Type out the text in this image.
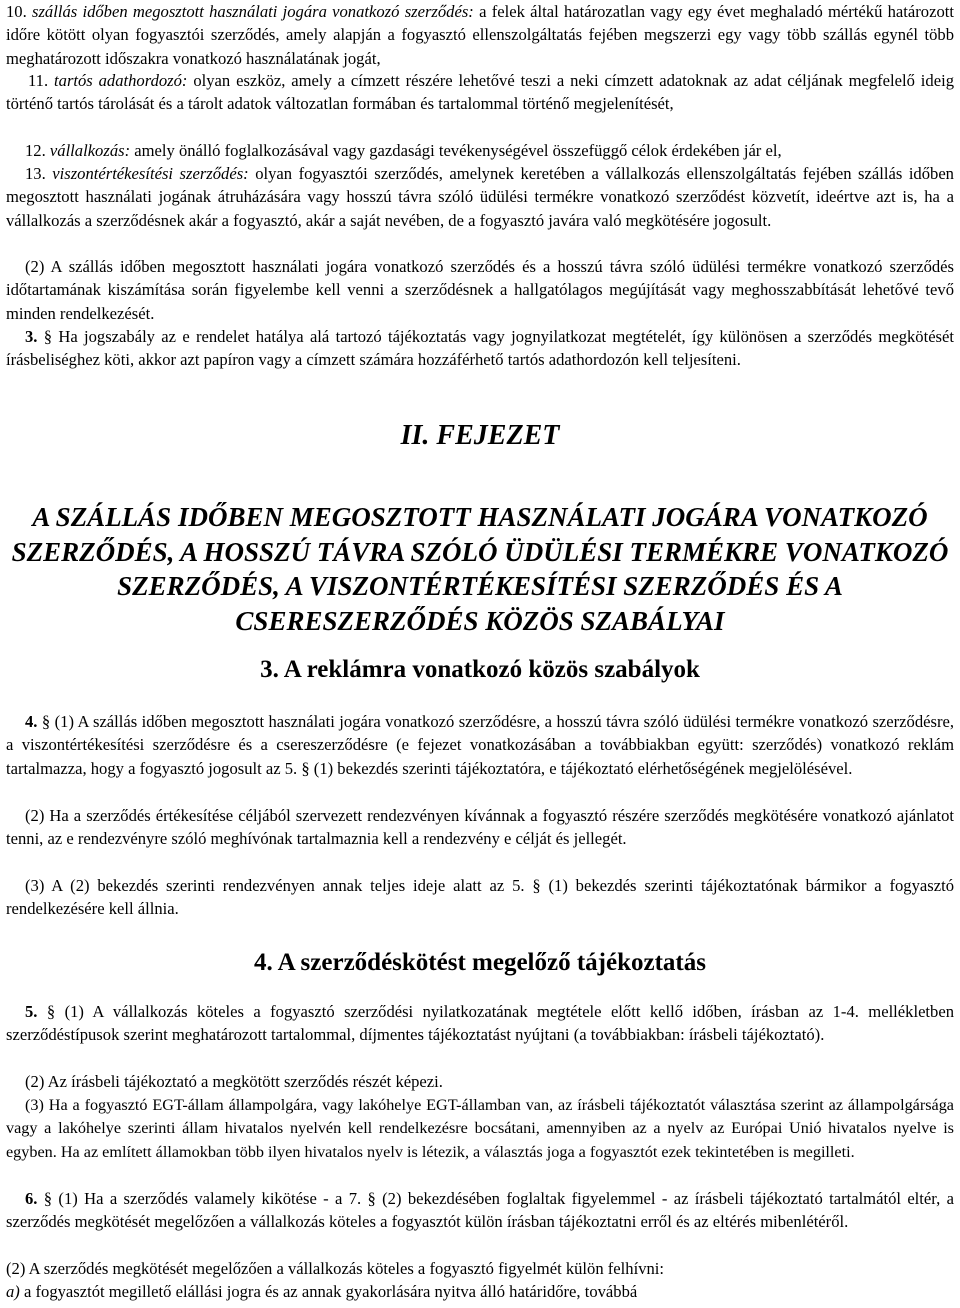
10. szállás időben megosztott használati jogára vonatkozó szerződés: a felek által határozatlan vagy egy évet meghaladó mértékű határozott időre kötött olyan fogyasztói szerződés, amely alapján a fogyasztó ellenszolgáltatás fejében megszerzi egy vagy több szállás egynél több meghatározott időszakra vonatkozó használatának jogát,

11. tartós adathordozó: olyan eszköz, amely a címzett részére lehetővé teszi a neki címzett adatoknak az adat céljának megfelelő ideig történő tartós tárolását és a tárolt adatok változatlan formában és tartalommal történő megjelenítését,

12. vállalkozás: amely önálló foglalkozásával vagy gazdasági tevékenységével összefüggő célok érdekében jár el,

13. viszontértékesítési szerződés: olyan fogyasztói szerződés, amelynek keretében a vállalkozás ellenszolgáltatás fejében szállás időben megosztott használati jogának átruházására vagy hosszú távra szóló üdülési termékre vonatkozó szerződést közvetít, ideértve azt is, ha a vállalkozás a szerződésnek akár a fogyasztó, akár a saját nevében, de a fogyasztó javára való megkötésére jogosult.

(2) A szállás időben megosztott használati jogára vonatkozó szerződés és a hosszú távra szóló üdülési termékre vonatkozó szerződés időtartamának kiszámítása során figyelembe kell venni a szerződésnek a hallgatólagos megújítását vagy meghosszabbítását lehetővé tevő minden rendelkezését.

3. § Ha jogszabály az e rendelet hatálya alá tartozó tájékoztatás vagy jognyilatkozat megtételét, így különösen a szerződés megkötését írásbeliséghez köti, akkor azt papíron vagy a címzett számára hozzáférhető tartós adathordozón kell teljesíteni.

II. FEJEZET
A SZÁLLÁS IDŐBEN MEGOSZTOTT HASZNÁLATI JOGÁRA VONATKOZÓ SZERZŐDÉS, A HOSSZÚ TÁVRA SZÓLÓ ÜDÜLÉSI TERMÉKRE VONATKOZÓ SZERZŐDÉS, A VISZONTÉRTÉKESÍTÉSI SZERZŐDÉS ÉS A CSERESZERZŐDÉS KÖZÖS SZABÁLYAI
3. A reklámra vonatkozó közös szabályok

4. § (1) A szállás időben megosztott használati jogára vonatkozó szerződésre, a hosszú távra szóló üdülési termékre vonatkozó szerződésre, a viszontértékesítési szerződésre és a csereszerződésre (e fejezet vonatkozásában a továbbiakban együtt: szerződés) vonatkozó reklám tartalmazza, hogy a fogyasztó jogosult az 5. § (1) bekezdés szerinti tájékoztatóra, e tájékoztató elérhetőségének megjelölésével.

(2) Ha a szerződés értékesítése céljából szervezett rendezvényen kívánnak a fogyasztó részére szerződés megkötésére vonatkozó ajánlatot tenni, az e rendezvényre szóló meghívónak tartalmaznia kell a rendezvény e célját és jellegét.

(3) A (2) bekezdés szerinti rendezvényen annak teljes ideje alatt az 5. § (1) bekezdés szerinti tájékoztatónak bármikor a fogyasztó rendelkezésére kell állnia.

4. A szerződéskötést megelőző tájékoztatás

5. § (1) A vállalkozás köteles a fogyasztó szerződési nyilatkozatának megtétele előtt kellő időben, írásban az 1-4. mellékletben szerződéstípusok szerint meghatározott tartalommal, díjmentes tájékoztatást nyújtani (a továbbiakban: írásbeli tájékoztató).

(2) Az írásbeli tájékoztató a megkötött szerződés részét képezi.

(3) Ha a fogyasztó EGT-állam állampolgára, vagy lakóhelye EGT-államban van, az írásbeli tájékoztatót választása szerint az állampolgársága vagy a lakóhelye szerinti állam hivatalos nyelvén kell rendelkezésre bocsátani, amennyiben az a nyelv az Európai Unió hivatalos nyelve is egyben. Ha az említett államokban több ilyen hivatalos nyelv is létezik, a választás joga a fogyasztót ezek tekintetében is megilleti.

6. § (1) Ha a szerződés valamely kikötése - a 7. § (2) bekezdésében foglaltak figyelemmel - az írásbeli tájékoztató tartalmától eltér, a szerződés megkötését megelőzően a vállalkozás köteles a fogyasztót külön írásban tájékoztatni erről és az eltérés mibenlétéről.

(2) A szerződés megkötését megelőzően a vállalkozás köteles a fogyasztó figyelmét külön felhívni:

a) a fogyasztót megillető elállási jogra és az annak gyakorlására nyitva álló határidőre, továbbá
